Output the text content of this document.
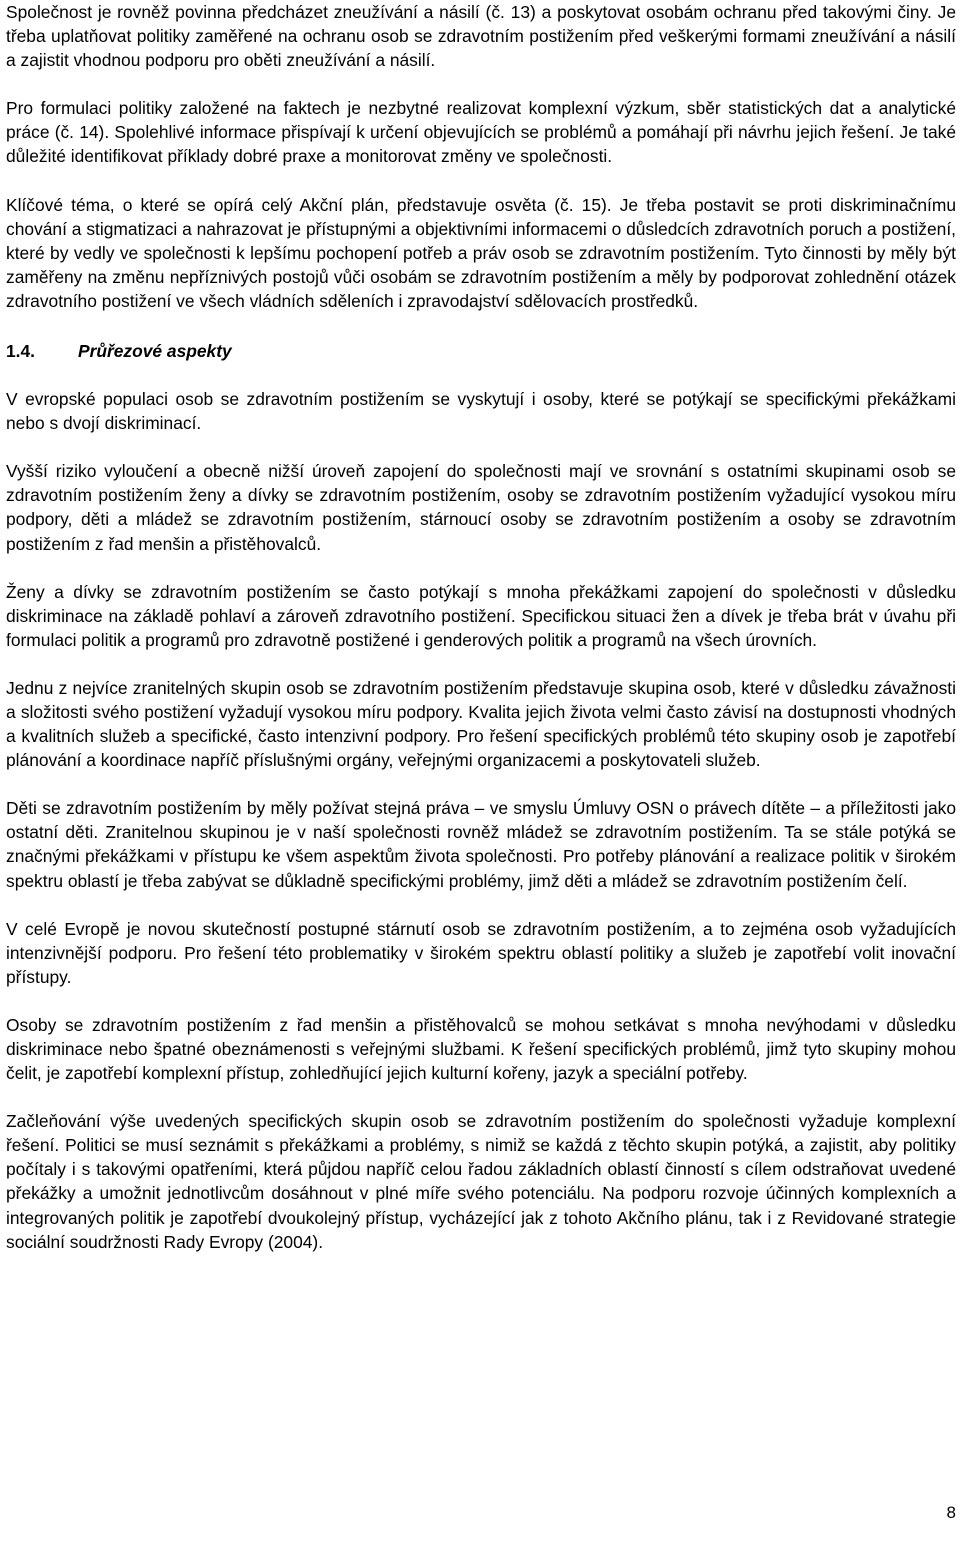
Společnost je rovněž povinna předcházet zneužívání a násilí (č. 13) a poskytovat osobám ochranu před takovými činy. Je třeba uplatňovat politiky zaměřené na ochranu osob se zdravotním postižením před veškerými formami zneužívání a násilí a zajistit vhodnou podporu pro oběti zneužívání a násilí.

Pro formulaci politiky založené na faktech je nezbytné realizovat komplexní výzkum, sběr statistických dat a analytické práce (č. 14). Spolehlivé informace přispívají k určení objevujících se problémů a pomáhají při návrhu jejich řešení. Je také důležité identifikovat příklady dobré praxe a monitorovat změny ve společnosti.

Klíčové téma, o které se opírá celý Akční plán, představuje osvěta (č. 15). Je třeba postavit se proti diskriminačnímu chování a stigmatizaci a nahrazovat je přístupnými a objektivními informacemi o důsledcích zdravotních poruch a postižení, které by vedly ve společnosti k lepšímu pochopení potřeb a práv osob se zdravotním postižením. Tyto činnosti by měly být zaměřeny na změnu nepříznivých postojů vůči osobám se zdravotním postižením a měly by podporovat zohlednění otázek zdravotního postižení ve všech vládních sděleních i zpravodajství sdělovacích prostředků.

1.4.	Průřezové aspekty

V evropské populaci osob se zdravotním postižením se vyskytují i osoby, které se potýkají se specifickými překážkami nebo s dvojí diskriminací.

Vyšší riziko vyloučení a obecně nižší úroveň zapojení do společnosti mají ve srovnání s ostatními skupinami osob se zdravotním postižením ženy a dívky se zdravotním postižením, osoby se zdravotním postižením vyžadující vysokou míru podpory, děti a mládež se zdravotním postižením, stárnoucí osoby se zdravotním postižením a osoby se zdravotním postižením z řad menšin a přistěhovalců.

Ženy a dívky se zdravotním postižením se často potýkají s mnoha překážkami zapojení do společnosti v důsledku diskriminace na základě pohlaví a zároveň zdravotního postižení. Specificko​u situaci žen a dívek je třeba brát v úvahu při formulaci politik a programů pro zdravotně postižené i genderových politik a programů na všech úrovních.

Jednu z nejvíce zranitelných skupin osob se zdravotním postižením představuje skupina osob, které v důsledku závažnosti a složitosti svého postižení vyžadují vysokou míru podpory. Kvalita jejich života velmi často závisí na dostupnosti vhodných a kvalitních služeb a specifické, často intenzivní podpory. Pro řešení specifických problémů této skupiny osob je zapotřebí plánování a koordinace napříč příslušnými orgány, veřejnými organizacemi a poskytovateli služeb.

Děti se zdravotním postižením by měly požívat stejná práva – ve smyslu Úmluvy OSN o právech dítěte – a příležitosti jako ostatní děti. Zranitelnou skupinou je v naší společnosti rovněž mládež se zdravotním postižením. Ta se stále potýká se značnými překážkami v přístupu ke všem aspektům života společnosti. Pro potřeby plánování a realizace politik v širokém spektru oblastí je třeba zabývat se důkladně specifickými problémy, jimž děti a mládež se zdravotním postižením čelí.

V celé Evropě je novou skutečností postupné stárnutí osob se zdravotním postižením, a to zejména osob vyžadujících intenzivnější podporu. Pro řešení této problematiky v širokém spektru oblastí politiky a služeb je zapotřebí volit inovační přístupy.

Osoby se zdravotním postižením z řad menšin a přistěhovalců se mohou setkávat s mnoha nevýhodami v důsledku diskriminace nebo špatné obeznámenosti s veřejnými službami. K řešení specifických problémů, jimž tyto skupiny mohou čelit, je zapotřebí komplexní přístup, zohledňující jejich kulturní kořeny, jazyk a speciální potřeby.

Začleňování výše uvedených specifických skupin osob se zdravotním postižením do společnosti vyžaduje komplexní řešení. Politici se musí seznámit s překážkami a problémy, s nimiž se každá z těchto skupin potýká, a zajistit, aby politiky počítaly i s takovými opatřeními, která půjdou napříč celou řadou základních oblastí činností s cílem odstraňovat uvedené překážky a umožnit jednotlivcům dosáhnout v plné míře svého potenciálu. Na podporu rozvoje účinných komplexních a integrovaných politik je zapotřebí dvoukolejný přístup, vycházející jak z tohoto Akčního plánu, tak i z Revidované strategie sociální soudržnosti Rady Evropy (2004).

8
